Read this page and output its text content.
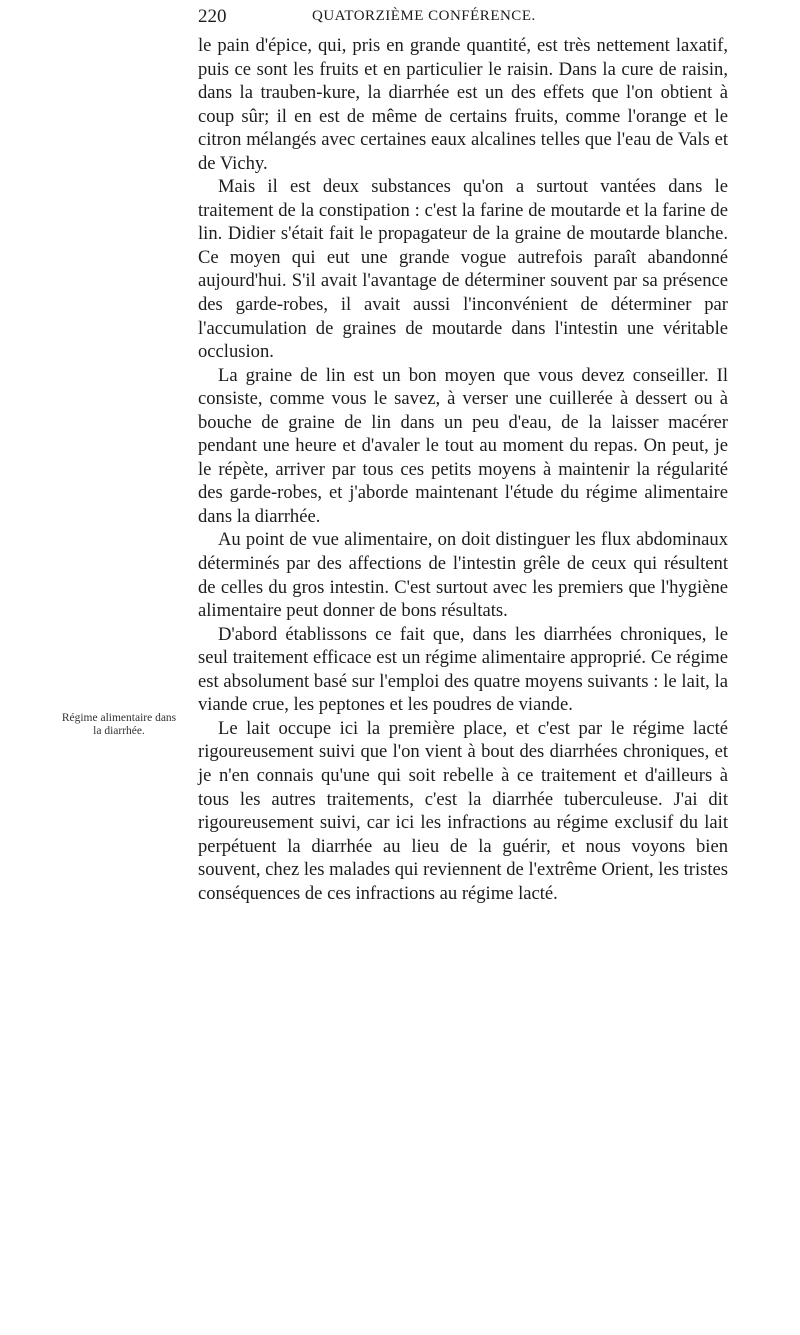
220	QUATORZIÈME CONFÉRENCE.
Régime alimentaire dans la diarrhée.

le pain d'épice, qui, pris en grande quantité, est très nettement laxatif, puis ce sont les fruits et en particulier le raisin. Dans la cure de raisin, dans la trauben-kure, la diarrhée est un des effets que l'on obtient à coup sûr; il en est de même de certains fruits, comme l'orange et le citron mélangés avec certaines eaux alcalines telles que l'eau de Vals et de Vichy.

Mais il est deux substances qu'on a surtout vantées dans le traitement de la constipation : c'est la farine de moutarde et la farine de lin. Didier s'était fait le propagateur de la graine de moutarde blanche. Ce moyen qui eut une grande vogue autrefois paraît abandonné aujourd'hui. S'il avait l'avantage de déterminer souvent par sa présence des garde-robes, il avait aussi l'inconvénient de déterminer par l'accumulation de graines de moutarde dans l'intestin une véritable occlusion.

La graine de lin est un bon moyen que vous devez conseiller. Il consiste, comme vous le savez, à verser une cuillerée à dessert ou à bouche de graine de lin dans un peu d'eau, de la laisser macérer pendant une heure et d'avaler le tout au moment du repas. On peut, je le répète, arriver par tous ces petits moyens à maintenir la régularité des garde-robes, et j'aborde maintenant l'étude du régime alimentaire dans la diarrhée.

Au point de vue alimentaire, on doit distinguer les flux abdominaux déterminés par des affections de l'intestin grêle de ceux qui résultent de celles du gros intestin. C'est surtout avec les premiers que l'hygiène alimentaire peut donner de bons résultats.

D'abord établissons ce fait que, dans les diarrhées chroniques, le seul traitement efficace est un régime alimentaire approprié. Ce régime est absolument basé sur l'emploi des quatre moyens suivants : le lait, la viande crue, les peptones et les poudres de viande.

Le lait occupe ici la première place, et c'est par le régime lacté rigoureusement suivi que l'on vient à bout des diarrhées chroniques, et je n'en connais qu'une qui soit rebelle à ce traitement et d'ailleurs à tous les autres traitements, c'est la diarrhée tuberculeuse. J'ai dit rigoureusement suivi, car ici les infractions au régime exclusif du lait perpétuent la diarrhée au lieu de la guérir, et nous voyons bien souvent, chez les malades qui reviennent de l'extrême Orient, les tristes conséquences de ces infractions au régime lacté.
